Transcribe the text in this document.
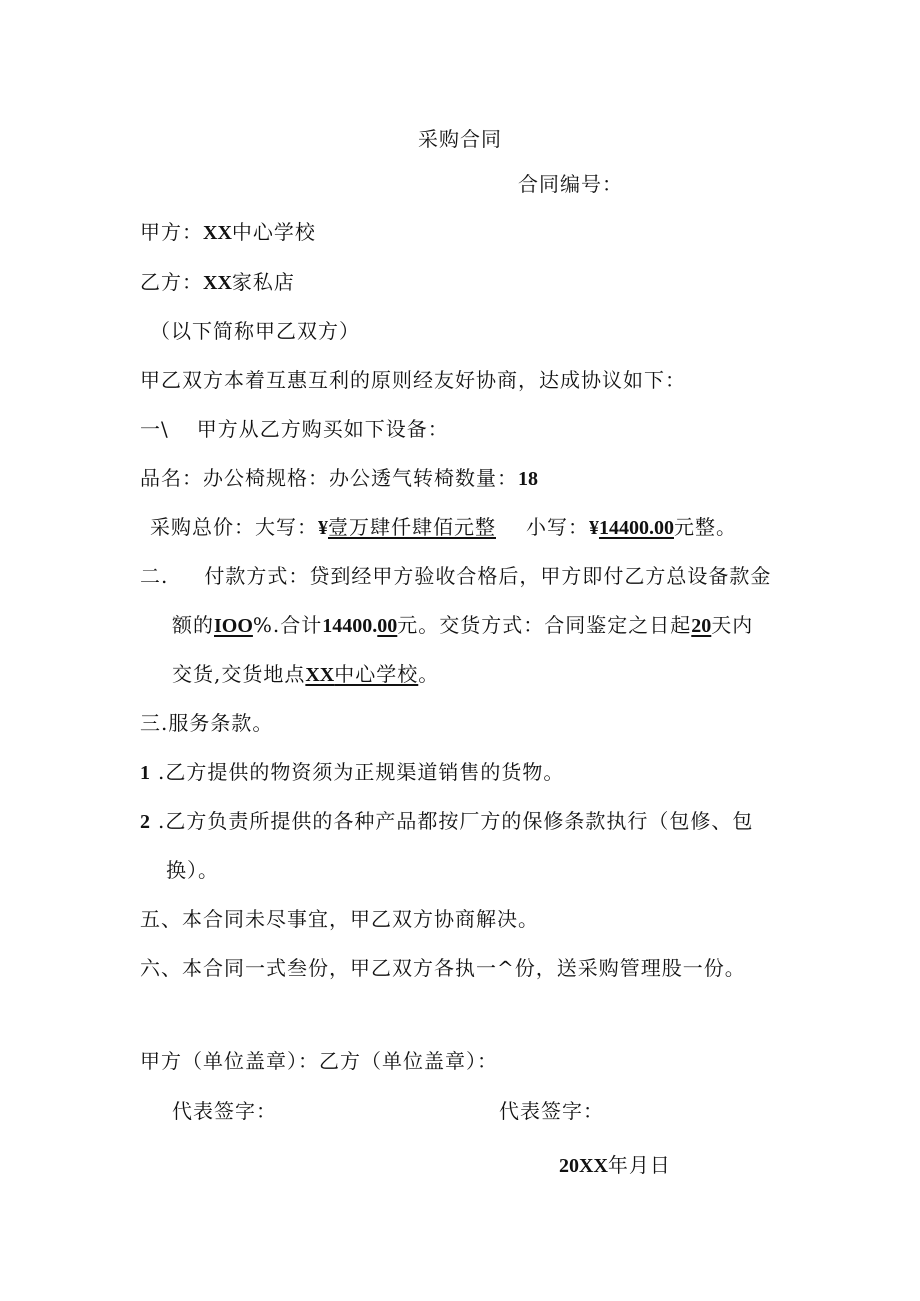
采购合同
合同编号：
甲方：XX中心学校
乙方：XX家私店
（以下简称甲乙双方）
甲乙双方本着互惠互利的原则经友好协商，达成协议如下：
一\ 甲方从乙方购买如下设备：
品名：办公椅规格：办公透气转椅数量：18
采购总价：大写：¥壹万肆仟肆佰元整 小写：¥14400.00元整。
二. 付款方式：贷到经甲方验收合格后，甲方即付乙方总设备款金
额的IOO%.合计14400.00元。交货方式：合同鉴定之日起20天内
交货,交货地点XX中心学校。
三.服务条款。
1 .乙方提供的物资须为正规渠道销售的货物。
2 .乙方负责所提供的各种产品都按厂方的保修条款执行（包修、包
换）。
五、本合同未尽事宜，甲乙双方协商解决。
六、本合同一式叁份，甲乙双方各执一^份，送采购管理股一份。
甲方（单位盖章）：乙方（单位盖章）：
代表签字：	代表签字：
20XX年月日
